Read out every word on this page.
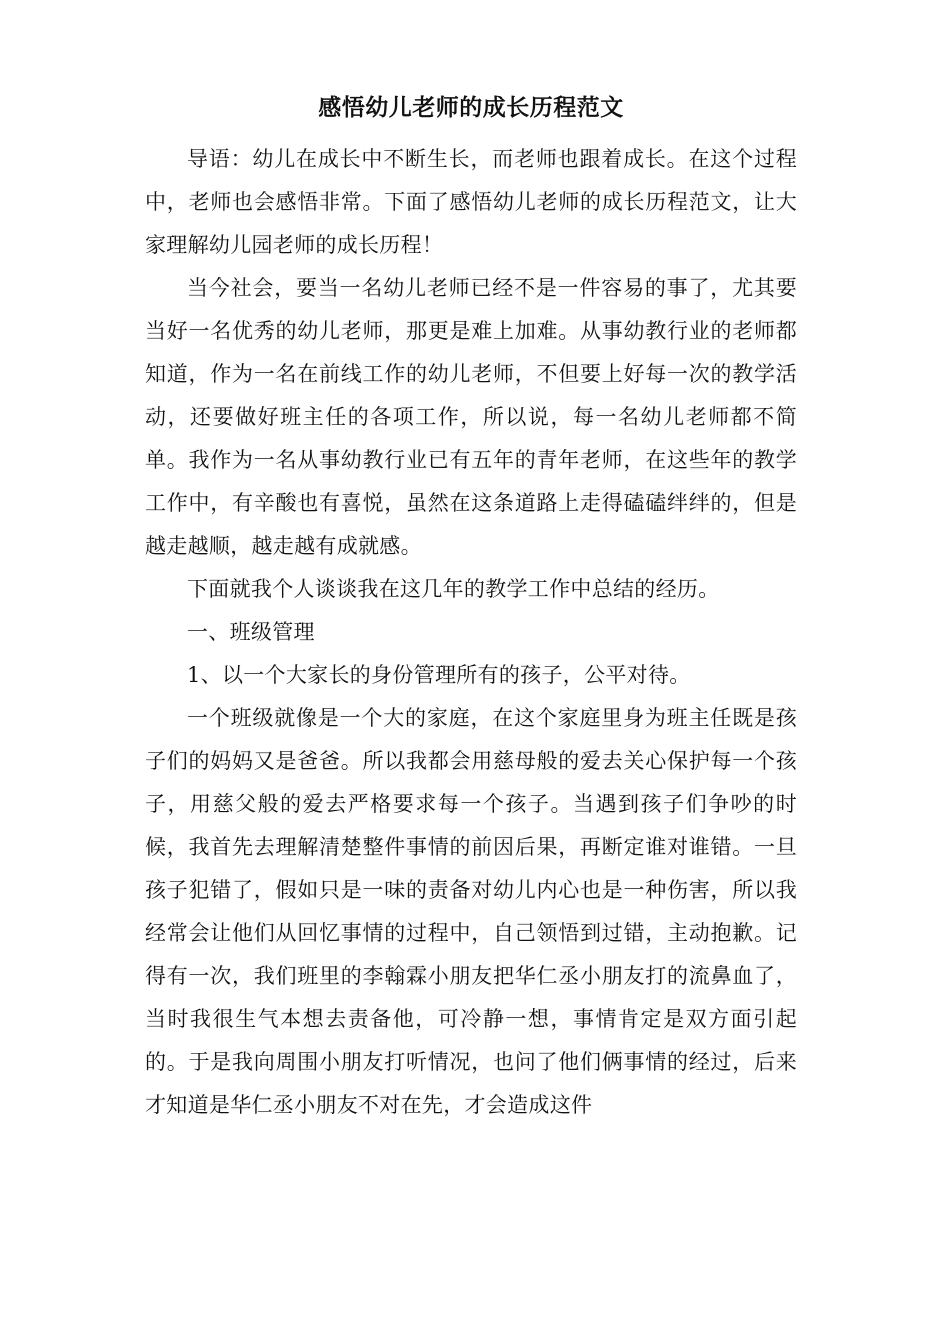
感悟幼儿老师的成长历程范文

导语：幼儿在成长中不断生长，而老师也跟着成长。在这个过程中，老师也会感悟非常。下面了感悟幼儿老师的成长历程范文，让大家理解幼儿园老师的成长历程！

当今社会，要当一名幼儿老师已经不是一件容易的事了，尤其要当好一名优秀的幼儿老师，那更是难上加难。从事幼教行业的老师都知道，作为一名在前线工作的幼儿老师，不但要上好每一次的教学活动，还要做好班主任的各项工作，所以说，每一名幼儿老师都不简单。我作为一名从事幼教行业已有五年的青年老师，在这些年的教学工作中，有辛酸也有喜悦，虽然在这条道路上走得磕磕绊绊的，但是越走越顺，越走越有成就感。

下面就我个人谈谈我在这几年的教学工作中总结的经历。

一、班级管理

1、以一个大家长的身份管理所有的孩子，公平对待。

一个班级就像是一个大的家庭，在这个家庭里身为班主任既是孩子们的妈妈又是爸爸。所以我都会用慈母般的爱去关心保护每一个孩子，用慈父般的爱去严格要求每一个孩子。当遇到孩子们争吵的时候，我首先去理解清楚整件事情的前因后果，再断定谁对谁错。一旦孩子犯错了，假如只是一味的责备对幼儿内心也是一种伤害，所以我经常会让他们从回忆事情的过程中，自己领悟到过错，主动抱歉。记得有一次，我们班里的李翰霖小朋友把华仁丞小朋友打的流鼻血了，当时我很生气本想去责备他，可冷静一想，事情肯定是双方面引起的。于是我向周围小朋友打听情况，也问了他们俩事情的经过，后来才知道是华仁丞小朋友不对在先，才会造成这件
